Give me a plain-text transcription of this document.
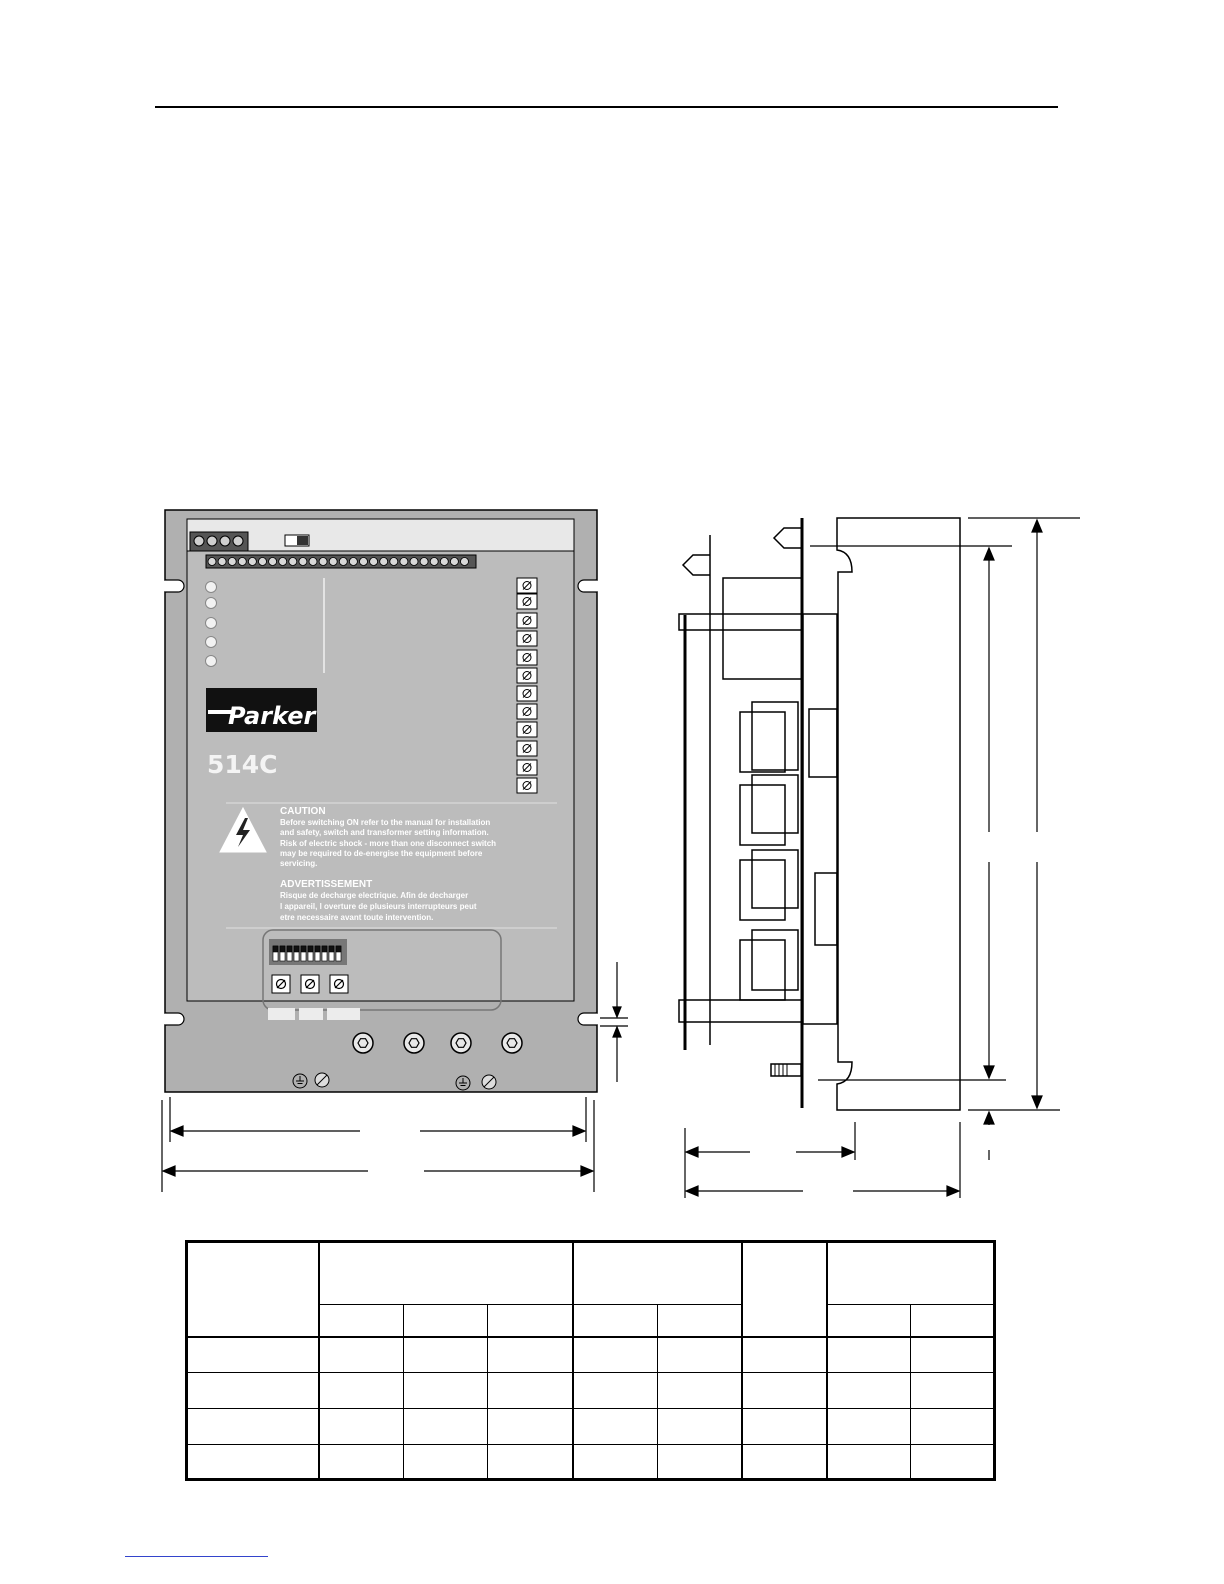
Parker
514C
CAUTION
Before switching ON refer to the manual for installation
and safety, switch and transformer setting information.
Risk of electric shock - more than one disconnect switch
may be required to de-energise the equipment before
servicing.
ADVERTISSEMENT
Risque de decharge electrique. Afin de decharger
l appareil, l overture de plusieurs interrupteurs peut
etre necessaire avant toute intervention.
